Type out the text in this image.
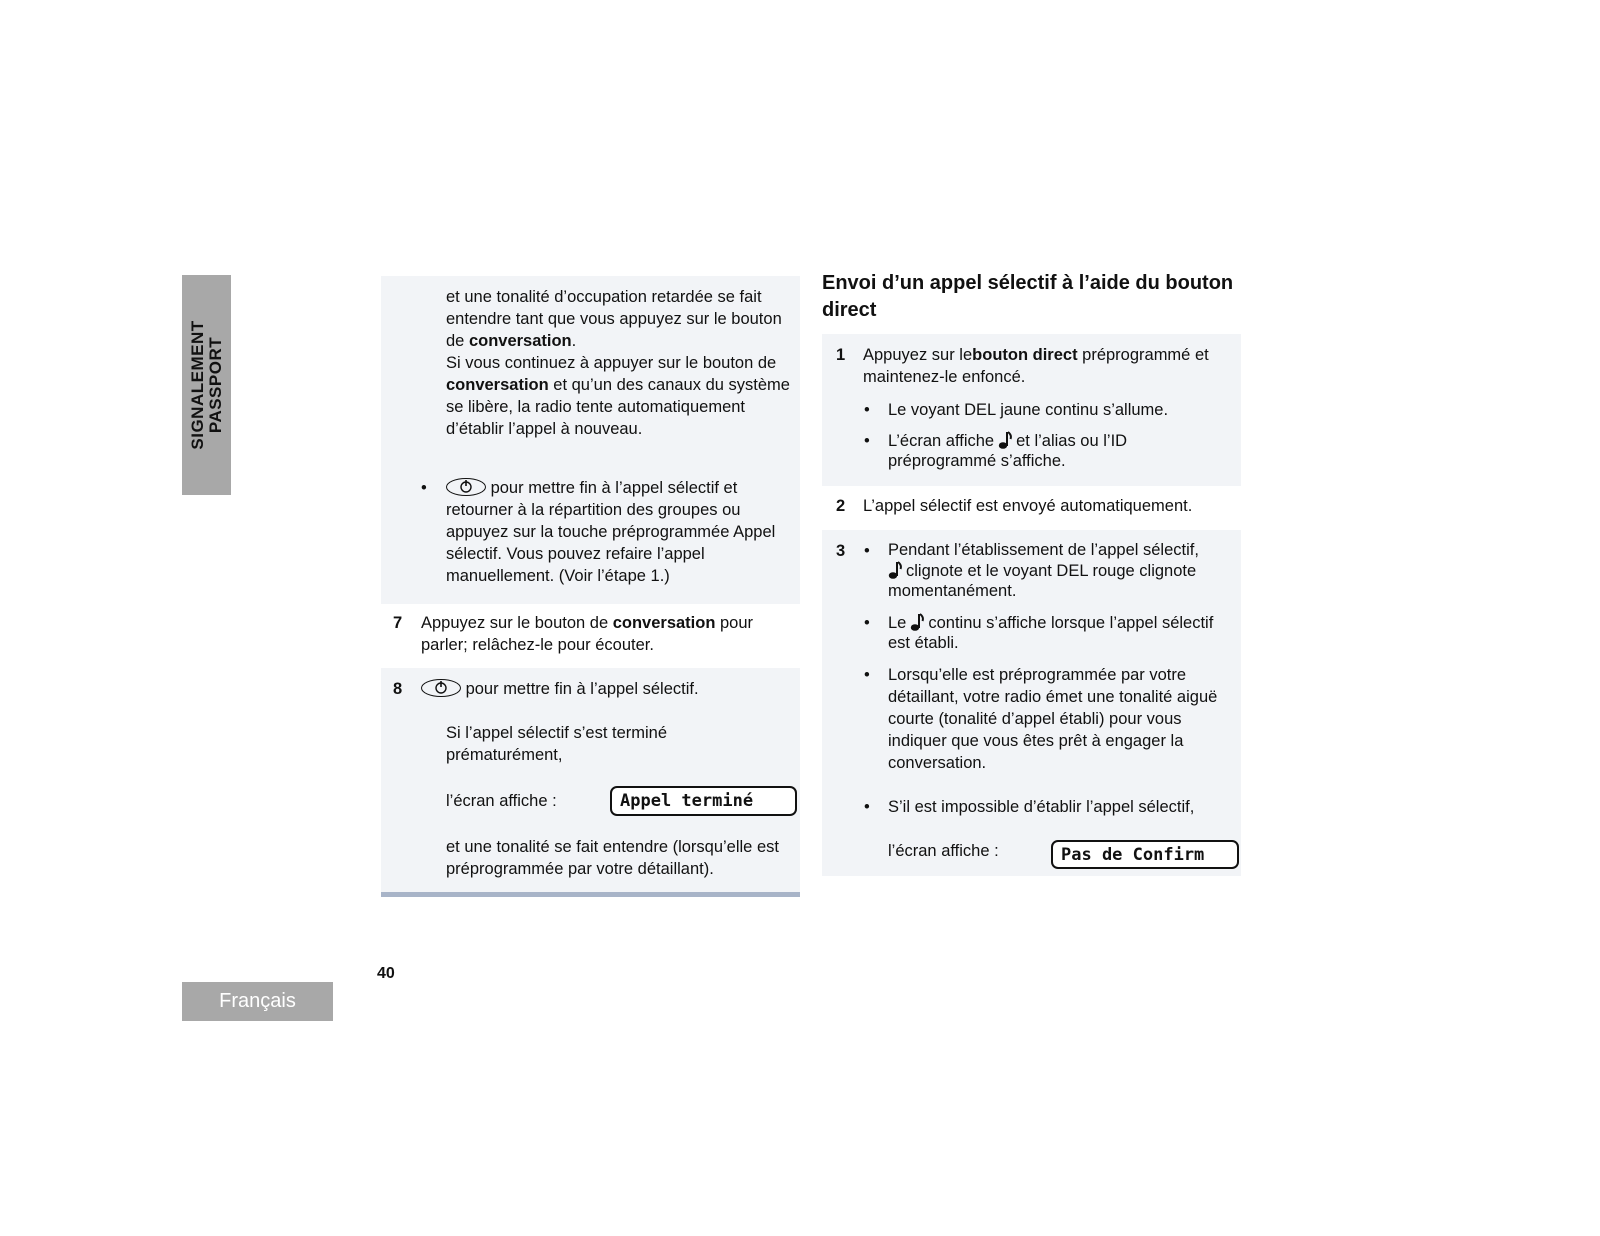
SIGNALEMENT PASSPORT
Français
40

et une tonalité d’occupation retardée se fait entendre tant que vous appuyez sur le bouton de conversation.

Si vous continuez à appuyer sur le bouton de conversation et qu’un des canaux du système se libère, la radio tente automatiquement d’établir l’appel à nouveau.

•	pour mettre fin à l’appel sélectif et retourner à la répartition des groupes ou appuyez sur la touche préprogrammée Appel sélectif. Vous pouvez refaire l’appel manuellement. (Voir l’étape 1.)
7 Appuyez sur le bouton de conversation pour parler; relâchez-le pour écouter.
8	pour mettre fin à l’appel sélectif.
Si l’appel sélectif s’est terminé prématurément,
l’écran affiche :	Appel terminé
et une tonalité se fait entendre (lorsqu’elle est préprogrammée par votre détaillant).
Envoi d’un appel sélectif à l’aide du bouton direct
1 Appuyez sur lebouton direct préprogrammé et maintenez-le enfoncé.
• Le voyant DEL jaune continu s’allume.
• L’écran affiche et l’alias ou l’ID préprogrammé s’affiche.
2 L’appel sélectif est envoyé automatiquement.
3 • Pendant l’établissement de l’appel sélectif,
clignote et le voyant DEL rouge clignote momentanément.
• Le continu s’affiche lorsque l’appel sélectif est établi.
• Lorsqu’elle est préprogrammée par votre détaillant, votre radio émet une tonalité aiguë courte (tonalité d’appel établi) pour vous indiquer que vous êtes prêt à engager la conversation.
• S’il est impossible d’établir l’appel sélectif,
l’écran affiche :	Pas de Confirm
